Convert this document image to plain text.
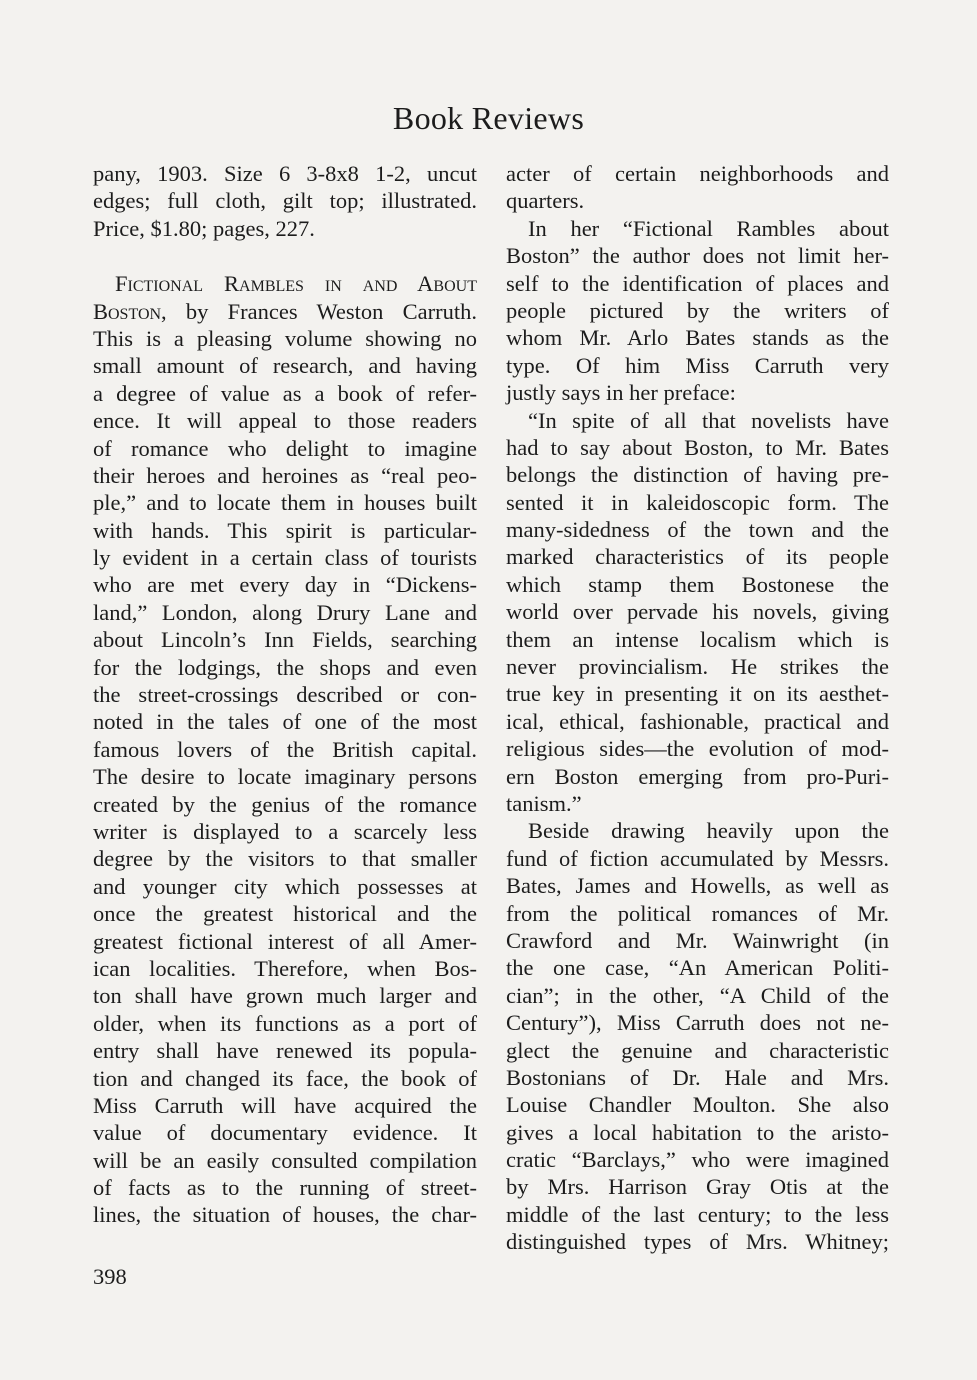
Book Reviews
pany, 1903. Size 6 3-8x8 1-2, uncut
edges; full cloth, gilt top; illustrated.
Price, $1.80; pages, 227.
Fictional Rambles in and About
Boston, by Frances Weston Carruth.
This is a pleasing volume showing no
small amount of research, and having
a degree of value as a book of refer-
ence. It will appeal to those readers
of romance who delight to imagine
their heroes and heroines as “real peo-
ple,” and to locate them in houses built
with hands. This spirit is particular-
ly evident in a certain class of tourists
who are met every day in “Dickens-
land,” London, along Drury Lane and
about Lincoln’s Inn Fields, searching
for the lodgings, the shops and even
the street-crossings described or con-
noted in the tales of one of the most
famous lovers of the British capital.
The desire to locate imaginary persons
created by the genius of the romance
writer is displayed to a scarcely less
degree by the visitors to that smaller
and younger city which possesses at
once the greatest historical and the
greatest fictional interest of all Amer-
ican localities. Therefore, when Bos-
ton shall have grown much larger and
older, when its functions as a port of
entry shall have renewed its popula-
tion and changed its face, the book of
Miss Carruth will have acquired the
value of documentary evidence. It
will be an easily consulted compilation
of facts as to the running of street-
lines, the situation of houses, the char-
acter of certain neighborhoods and
quarters.
In her “Fictional Rambles about
Boston” the author does not limit her-
self to the identification of places and
people pictured by the writers of
whom Mr. Arlo Bates stands as the
type. Of him Miss Carruth very
justly says in her preface:
“In spite of all that novelists have
had to say about Boston, to Mr. Bates
belongs the distinction of having pre-
sented it in kaleidoscopic form. The
many-sidedness of the town and the
marked characteristics of its people
which stamp them Bostonese the
world over pervade his novels, giving
them an intense localism which is
never provincialism. He strikes the
true key in presenting it on its aesthet-
ical, ethical, fashionable, practical and
religious sides—the evolution of mod-
ern Boston emerging from pro-Puri-
tanism.”
Beside drawing heavily upon the
fund of fiction accumulated by Messrs.
Bates, James and Howells, as well as
from the political romances of Mr.
Crawford and Mr. Wainwright (in
the one case, “An American Politi-
cian”; in the other, “A Child of the
Century”), Miss Carruth does not ne-
glect the genuine and characteristic
Bostonians of Dr. Hale and Mrs.
Louise Chandler Moulton. She also
gives a local habitation to the aristo-
cratic “Barclays,” who were imagined
by Mrs. Harrison Gray Otis at the
middle of the last century; to the less
distinguished types of Mrs. Whitney;
398
